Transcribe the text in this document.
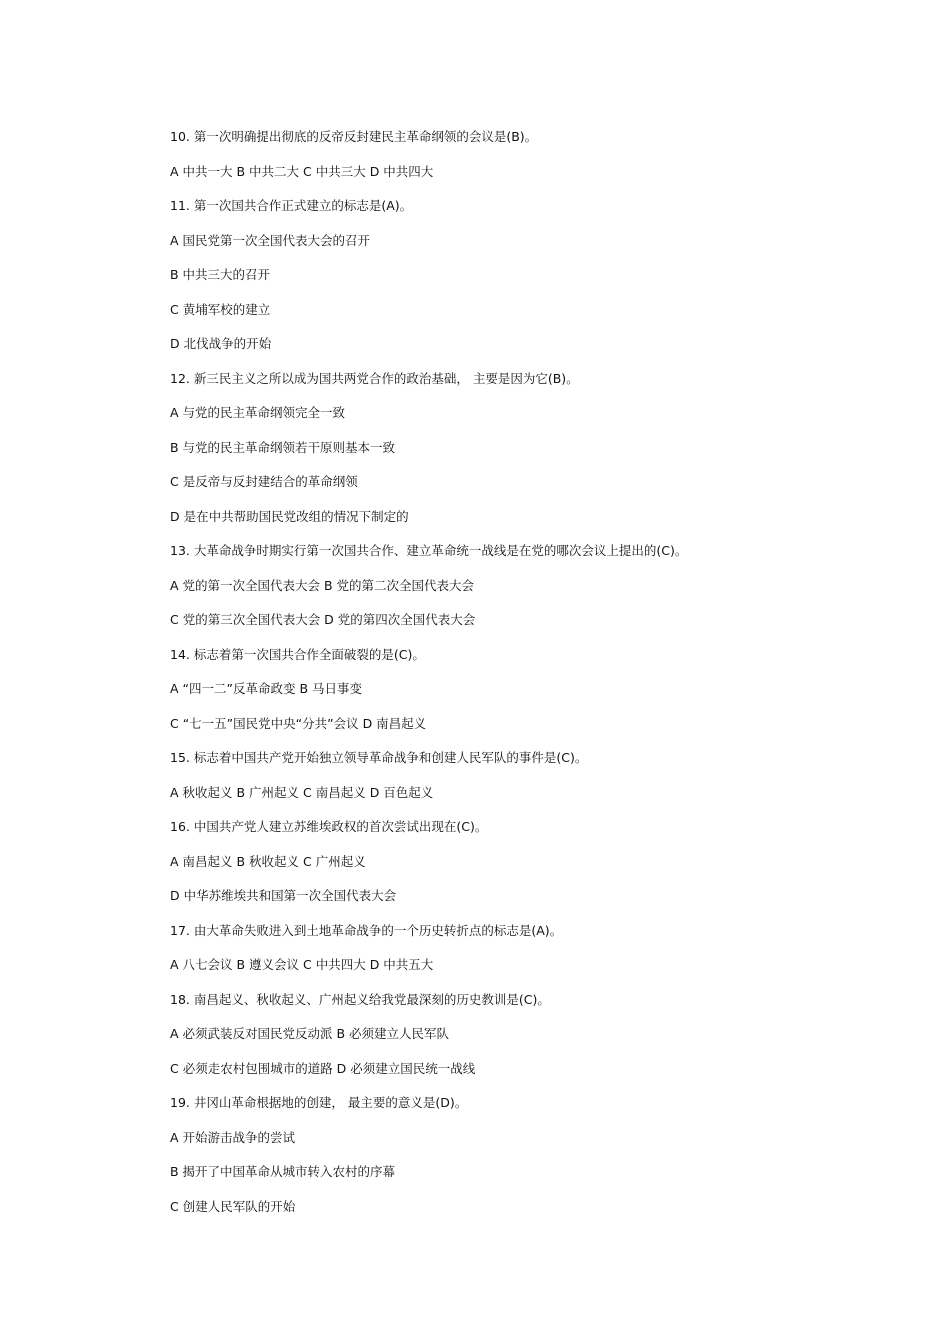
10. 第一次明确提出彻底的反帝反封建民主革命纲领的会议是(B)。
A 中共一大 B 中共二大 C 中共三大 D 中共四大
11. 第一次国共合作正式建立的标志是(A)。
A 国民党第一次全国代表大会的召开
B 中共三大的召开
C 黄埔军校的建立
D 北伐战争的开始
12. 新三民主义之所以成为国共两党合作的政治基础， 主要是因为它(B)。
A 与党的民主革命纲领完全一致
B 与党的民主革命纲领若干原则基本一致
C 是反帝与反封建结合的革命纲领
D 是在中共帮助国民党改组的情况下制定的
13. 大革命战争时期实行第一次国共合作、建立革命统一战线是在党的哪次会议上提出的(C)。
A 党的第一次全国代表大会 B 党的第二次全国代表大会
C 党的第三次全国代表大会 D 党的第四次全国代表大会
14. 标志着第一次国共合作全面破裂的是(C)。
A “四一二”反革命政变 B 马日事变
C “七一五”国民党中央“分共”会议 D 南昌起义
15. 标志着中国共产党开始独立领导革命战争和创建人民军队的事件是(C)。
A 秋收起义 B 广州起义 C 南昌起义 D 百色起义
16. 中国共产党人建立苏维埃政权的首次尝试出现在(C)。
A 南昌起义 B 秋收起义 C 广州起义
D 中华苏维埃共和国第一次全国代表大会
17. 由大革命失败进入到土地革命战争的一个历史转折点的标志是(A)。
A 八七会议 B 遵义会议 C 中共四大 D 中共五大
18. 南昌起义、秋收起义、广州起义给我党最深刻的历史教训是(C)。
A 必须武装反对国民党反动派 B 必须建立人民军队
C 必须走农村包围城市的道路 D 必须建立国民统一战线
19. 井冈山革命根据地的创建， 最主要的意义是(D)。
A 开始游击战争的尝试
B 揭开了中国革命从城市转入农村的序幕
C 创建人民军队的开始
